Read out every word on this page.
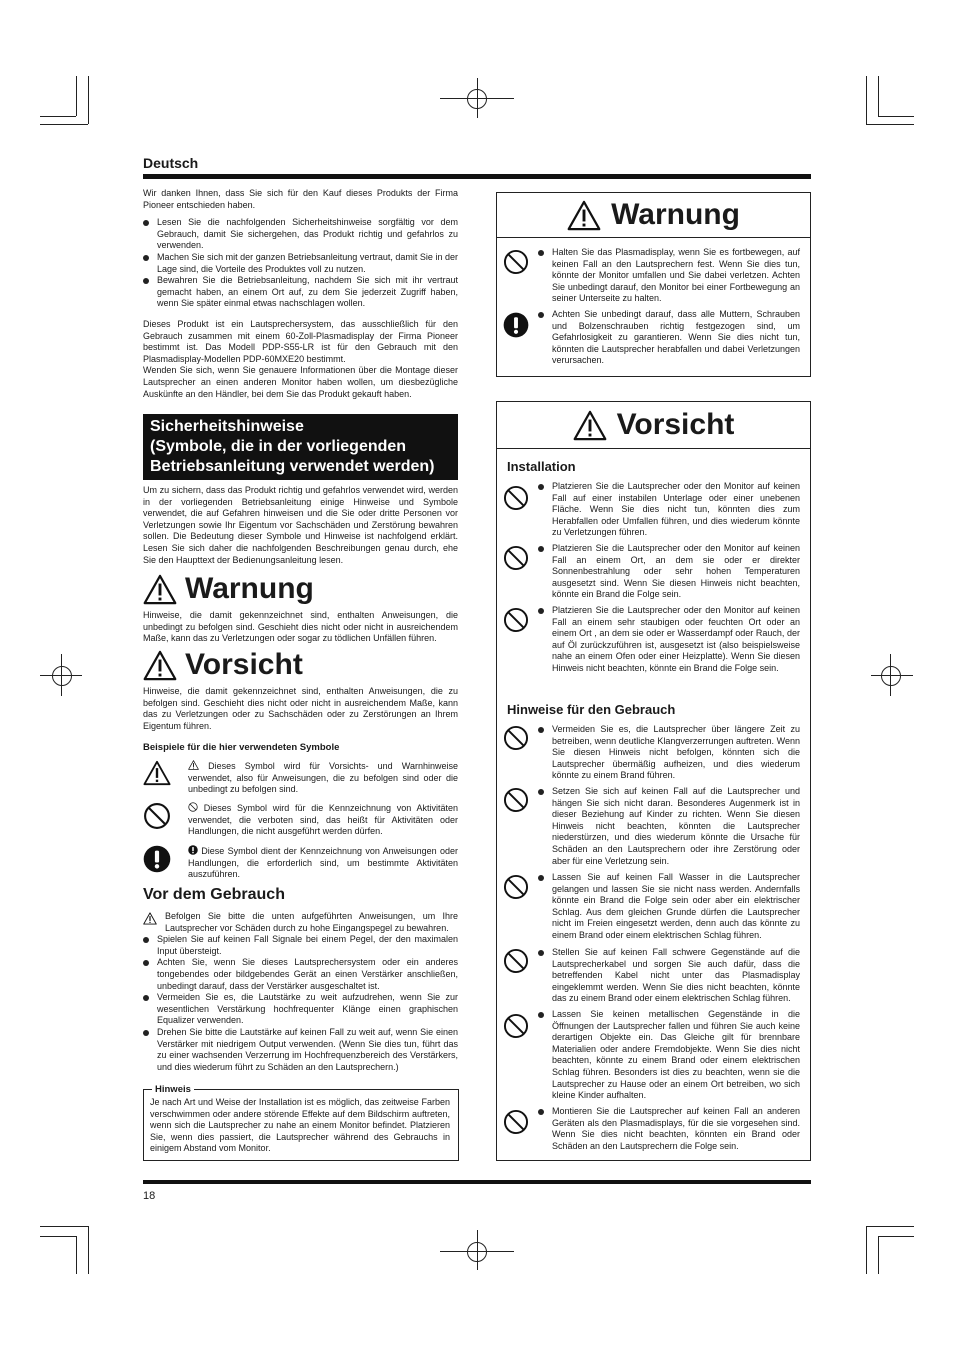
Deutsch

Wir danken Ihnen, dass Sie sich für den Kauf dieses Produkts der Firma Pioneer entschieden haben.

Lesen Sie die nachfolgenden Sicherheitshinweise sorgfältig vor dem Gebrauch, damit Sie sichergehen, das Produkt richtig und gefahrlos zu verwenden.
Machen Sie sich mit der ganzen Betriebsanleitung vertraut, damit Sie in der Lage sind, die Vorteile des Produktes voll zu nutzen.
Bewahren Sie die Betriebsanleitung, nachdem Sie sich mit ihr vertraut gemacht haben, an einem Ort auf, zu dem Sie jederzeit Zugriff haben, wenn Sie später einmal etwas nachschlagen wollen.

Dieses Produkt ist ein Lautsprechersystem, das ausschließlich für den Gebrauch zusammen mit einem 60-Zoll-Plasmadisplay der Firma Pioneer bestimmt ist. Das Modell PDP-S55-LR ist für den Gebrauch mit den Plasmadisplay-Modellen PDP-60MXE20 bestimmt.

Wenden Sie sich, wenn Sie genauere Informationen über die Montage dieser Lautsprecher an einen anderen Monitor haben wollen, um diesbezügliche Auskünfte an den Händler, bei dem Sie das Produkt gekauft haben.

Sicherheitshinweise
(Symbole, die in der vorliegenden
Betriebsanleitung verwendet werden)

Um zu sichern, dass das Produkt richtig und gefahrlos verwendet wird, werden in der vorliegenden Betriebsanleitung einige Hinweise und Symbole verwendet, die auf Gefahren hinweisen und die Sie oder dritte Personen vor Verletzungen sowie Ihr Eigentum vor Sachschäden und Zerstörung bewahren sollen. Die Bedeutung dieser Symbole und Hinweise ist nachfolgend erklärt. Lesen Sie sich daher die nachfolgenden Beschreibungen genau durch, ehe Sie den Haupttext der Bedienungsanleitung lesen.

Warnung

Hinweise, die damit gekennzeichnet sind, enthalten Anweisungen, die unbedingt zu befolgen sind. Geschieht dies nicht oder nicht in ausreichendem Maße, kann das zu Verletzungen oder sogar zu tödlichen Unfällen führen.

Vorsicht

Hinweise, die damit gekennzeichnet sind, enthalten Anweisungen, die zu befolgen sind. Geschieht dies nicht oder nicht in ausreichendem Maße, kann das zu Verletzungen oder zu Sachschäden oder zu Zerstörungen an Ihrem Eigentum führen.

Beispiele für die hier verwendeten Symbole

Dieses Symbol wird für Vorsichts- und Warnhinweise verwendet, also für Anweisungen, die zu befolgen sind oder die unbedingt zu befolgen sind.

Dieses Symbol wird für die Kennzeichnung von Aktivitäten verwendet, die verboten sind, das heißt für Aktivitäten oder Handlungen, die nicht ausgeführt werden dürfen.

Diese Symbol dient der Kennzeichnung von Anweisungen oder Handlungen, die erforderlich sind, um bestimmte Aktivitäten auszuführen.

Vor dem Gebrauch
Befolgen Sie bitte die unten aufgeführten Anweisungen, um Ihre Lautsprecher vor Schäden durch zu hohe Eingangspegel zu bewahren.
Spielen Sie auf keinen Fall Signale bei einem Pegel, der den maximalen Input übersteigt.
Achten Sie, wenn Sie dieses Lautsprechersystem oder ein anderes tongebendes oder bildgebendes Gerät an einen Verstärker anschließen, unbedingt darauf, dass der Verstärker ausgeschaltet ist.
Vermeiden Sie es, die Lautstärke zu weit aufzudrehen, wenn Sie zur wesentlichen Verstärkung hochfrequenter Klänge einen graphischen Equalizer verwenden.
Drehen Sie bitte die Lautstärke auf keinen Fall zu weit auf, wenn Sie einen Verstärker mit niedrigem Output verwenden. (Wenn Sie dies tun, führt das zu einer wachsenden Verzerrung im Hochfrequenzbereich des Verstärkers, und dies wiederum führt zu Schäden an den Lautsprechern.)
Hinweis

Je nach Art und Weise der Installation ist es möglich, das zeitweise Farben verschwimmen oder andere störende Effekte auf dem Bildschirm auftreten, wenn sich die Lautsprecher zu nahe an einem Monitor befindet. Platzieren Sie, wenn dies passiert, die Lautsprecher während des Gebrauchs in einigem Abstand vom Monitor.

Warnung
Halten Sie das Plasmadisplay, wenn Sie es fortbewegen, auf keinen Fall an den Lautsprechern fest. Wenn Sie dies tun, könnte der Monitor umfallen und Sie dabei verletzen. Achten Sie unbedingt darauf, den Monitor bei einer Fortbewegung an seiner Unterseite zu halten.
Achten Sie unbedingt darauf, dass alle Muttern, Schrauben und Bolzenschrauben richtig festgezogen sind, um Gefahrlosigkeit zu garantieren. Wenn Sie dies nicht tun, könnten die Lautsprecher herabfallen und dabei Verletzungen verursachen.
Vorsicht
Installation
Platzieren Sie die Lautsprecher oder den Monitor auf keinen Fall auf einer instabilen Unterlage oder einer unebenen Fläche. Wenn Sie dies nicht tun, könnten dies zum Herabfallen oder Umfallen führen, und dies wiederum könnte zu Verletzungen führen.
Platzieren Sie die Lautsprecher oder den Monitor auf keinen Fall an einem Ort, an dem sie oder er direkter Sonnenbestrahlung oder sehr hohen Temperaturen ausgesetzt sind. Wenn Sie diesen Hinweis nicht beachten, könnte ein Brand die Folge sein.
Platzieren Sie die Lautsprecher oder den Monitor auf keinen Fall an einem sehr staubigen oder feuchten Ort oder an einem Ort , an dem sie oder er Wasserdampf oder Rauch, der auf Öl zurückzuführen ist, ausgesetzt ist (also beispielsweise nahe an einem Ofen oder einer Heizplatte). Wenn Sie diesen Hinweis nicht beachten, könnte ein Brand die Folge sein.
Hinweise für den Gebrauch
Vermeiden Sie es, die Lautsprecher über längere Zeit zu betreiben, wenn deutliche Klangverzerrungen auftreten. Wenn Sie diesen Hinweis nicht befolgen, könnten sich die Lautsprecher übermäßig aufheizen, und dies wiederum könnte zu einem Brand führen.
Setzen Sie sich auf keinen Fall auf die Lautsprecher und hängen Sie sich nicht daran. Besonderes Augenmerk ist in dieser Beziehung auf Kinder zu richten. Wenn Sie diesen Hinweis nicht beachten, könnten die Lautsprecher niederstürzen, und dies wiederum könnte die Ursache für Schäden an den Lautsprechern oder ihre Zerstörung oder aber für eine Verletzung sein.
Lassen Sie auf keinen Fall Wasser in die Lautsprecher gelangen und lassen Sie sie nicht nass werden. Andernfalls könnte ein Brand die Folge sein oder aber ein elektrischer Schlag. Aus dem gleichen Grunde dürfen die Lautsprecher nicht im Freien eingesetzt werden, denn auch das könnte zu einem Brand oder einem elektrischen Schlag führen.
Stellen Sie auf keinen Fall schwere Gegenstände auf die Lautsprecherkabel und sorgen Sie auch dafür, dass die betreffenden Kabel nicht unter das Plasmadisplay eingeklemmt werden. Wenn Sie dies nicht beachten, könnte das zu einem Brand oder einem elektrischen Schlag führen.
Lassen Sie keinen metallischen Gegenstände in die Öffnungen der Lautsprecher fallen und führen Sie auch keine derartigen Objekte ein. Das Gleiche gilt für brennbare Materialien oder andere Fremdobjekte. Wenn Sie dies nicht beachten, könnte zu einem Brand oder einem elektrischen Schlag führen. Besonders ist dies zu beachten, wenn sie die Lautsprecher zu Hause oder an einem Ort betreiben, wo sich kleine Kinder aufhalten.
Montieren Sie die Lautsprecher auf keinen Fall an anderen Geräten als den Plasmadisplays, für die sie vorgesehen sind. Wenn Sie dies nicht beachten, könnten ein Brand oder Schäden an den Lautsprechern die Folge sein.
18
